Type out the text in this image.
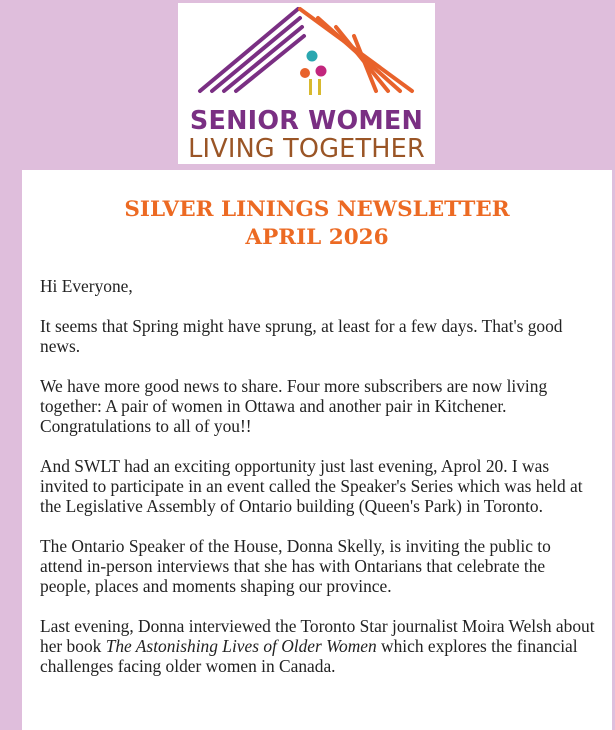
SENIOR WOMEN
LIVING TOGETHER
SILVER LININGS NEWSLETTER
APRIL 2026

Hi Everyone,

It seems that Spring might have sprung, at least for a few days. That's good news.

We have more good news to share. Four more subscribers are now living together: A pair of women in Ottawa and another pair in Kitchener. Congratulations to all of you!!

And SWLT had an exciting opportunity just last evening, Aprol 20. I was invited to participate in an event called the Speaker's Series which was held at the Legislative Assembly of Ontario building (Queen's Park) in Toronto.

The Ontario Speaker of the House, Donna Skelly, is inviting the public to attend in-person interviews that she has with Ontarians that celebrate the people, places and moments shaping our province.

Last evening, Donna interviewed the Toronto Star journalist Moira Welsh about her book The Astonishing Lives of Older Women which explores the financial challenges facing older women in Canada.
